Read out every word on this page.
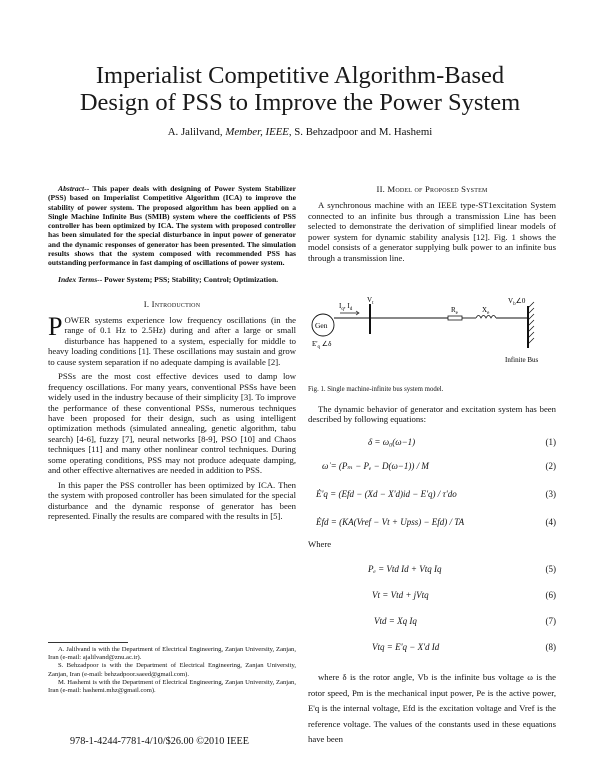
Imperialist Competitive Algorithm-Based
Design of PSS to Improve the Power System
A. Jalilvand, Member, IEEE, S. Behzadpoor and M. Hashemi

Abstract-- This paper deals with designing of Power System Stabilizer (PSS) based on Imperialist Competitive Algorithm (ICA) to improve the stability of power system. The proposed algorithm has been applied on a Single Machine Infinite Bus (SMIB) system where the coefficients of PSS controller has been optimized by ICA. The system with proposed controller has been simulated for the special disturbance in input power of generator and the dynamic responses of generator has been presented. The simulation results shows that the system composed with recommended PSS has outstanding performance in fast damping of oscillations of power system.

Index Terms-- Power System; PSS; Stability; Control; Optimization.

I. Introduction

POWER systems experience low frequency oscillations (in the range of 0.1 Hz to 2.5Hz) during and after a large or small disturbance has happened to a system, especially for middle to heavy loading conditions [1]. These oscillations may sustain and grow to cause system separation if no adequate damping is available [2].

PSSs are the most cost effective devices used to damp low frequency oscillations. For many years, conventional PSSs have been widely used in the industry because of their simplicity [3]. To improve the performance of these conventional PSSs, numerous techniques have been proposed for their design, such as using intelligent optimization methods (simulated annealing, genetic algorithm, tabu search) [4-6], fuzzy [7], neural networks [8-9], PSO [10] and Chaos techniques [11] and many other nonlinear control techniques. During some operating conditions, PSS may not produce adequate damping, and other effective alternatives are needed in addition to PSS.

In this paper the PSS controller has been optimized by ICA. Then the system with proposed controller has been simulated for the special disturbance and the dynamic response of generator has been represented. Finally the results are compared with the results in [5].

A. Jalilvand is with the Department of Electrical Engineering, Zanjan University, Zanjan, Iran (e-mail: ajalilvand@znu.ac.ir).

S. Behzadpoor is with the Department of Electrical Engineering, Zanjan University, Zanjan, Iran (e-mail: behzadpoor.saeed@gmail.com).

M. Hashemi is with the Department of Electrical Engineering, Zanjan University, Zanjan, Iran (e-mail: hashemi.mhz@gmail.com).

978-1-4244-7781-4/10/$26.00 ©2010 IEEE
II. Model of Proposed System

A synchronous machine with an IEEE type-ST1excitation System connected to an infinite bus through a transmission Line has been selected to demonstrate the derivation of simplified linear models of power system for dynamic stability analysis [12]. Fig. 1 shows the model consists of a generator supplying bulk power to an infinite bus through a transmission line.

Gen
$I_q$, $I_d$
$V_t$
$R_e$	$X_e$
$V_b\angle 0$
Infinite Bus
$E'_q$ ∠δ
Fig. 1. Single machine-infinite bus system model.

The dynamic behavior of generator and excitation system has been described by following equations:

δ = ω₀(ω−1)	(1)
ω̇ = (Pₘ − Pₑ − D(ω−1)) / M	(2)
Ė'q = (Efd − (Xd − X'd)id − E'q) / τ'do	(3)
Ėfd = (KA(Vref − Vt + Upss) − Efd) / TA	(4)
Where
Pₑ = Vtd Id + Vtq Iq	(5)
Vt = Vtd + jVtq	(6)
Vtd = Xq Iq	(7)
Vtq = E'q − X'd Id	(8)

where δ is the rotor angle, Vb is the infinite bus voltage ω is the rotor speed, Pm is the mechanical input power, Pe is the active power, E'q is the internal voltage, Efd is the excitation voltage and Vref is the reference voltage. The values of the constants used in these equations have been
